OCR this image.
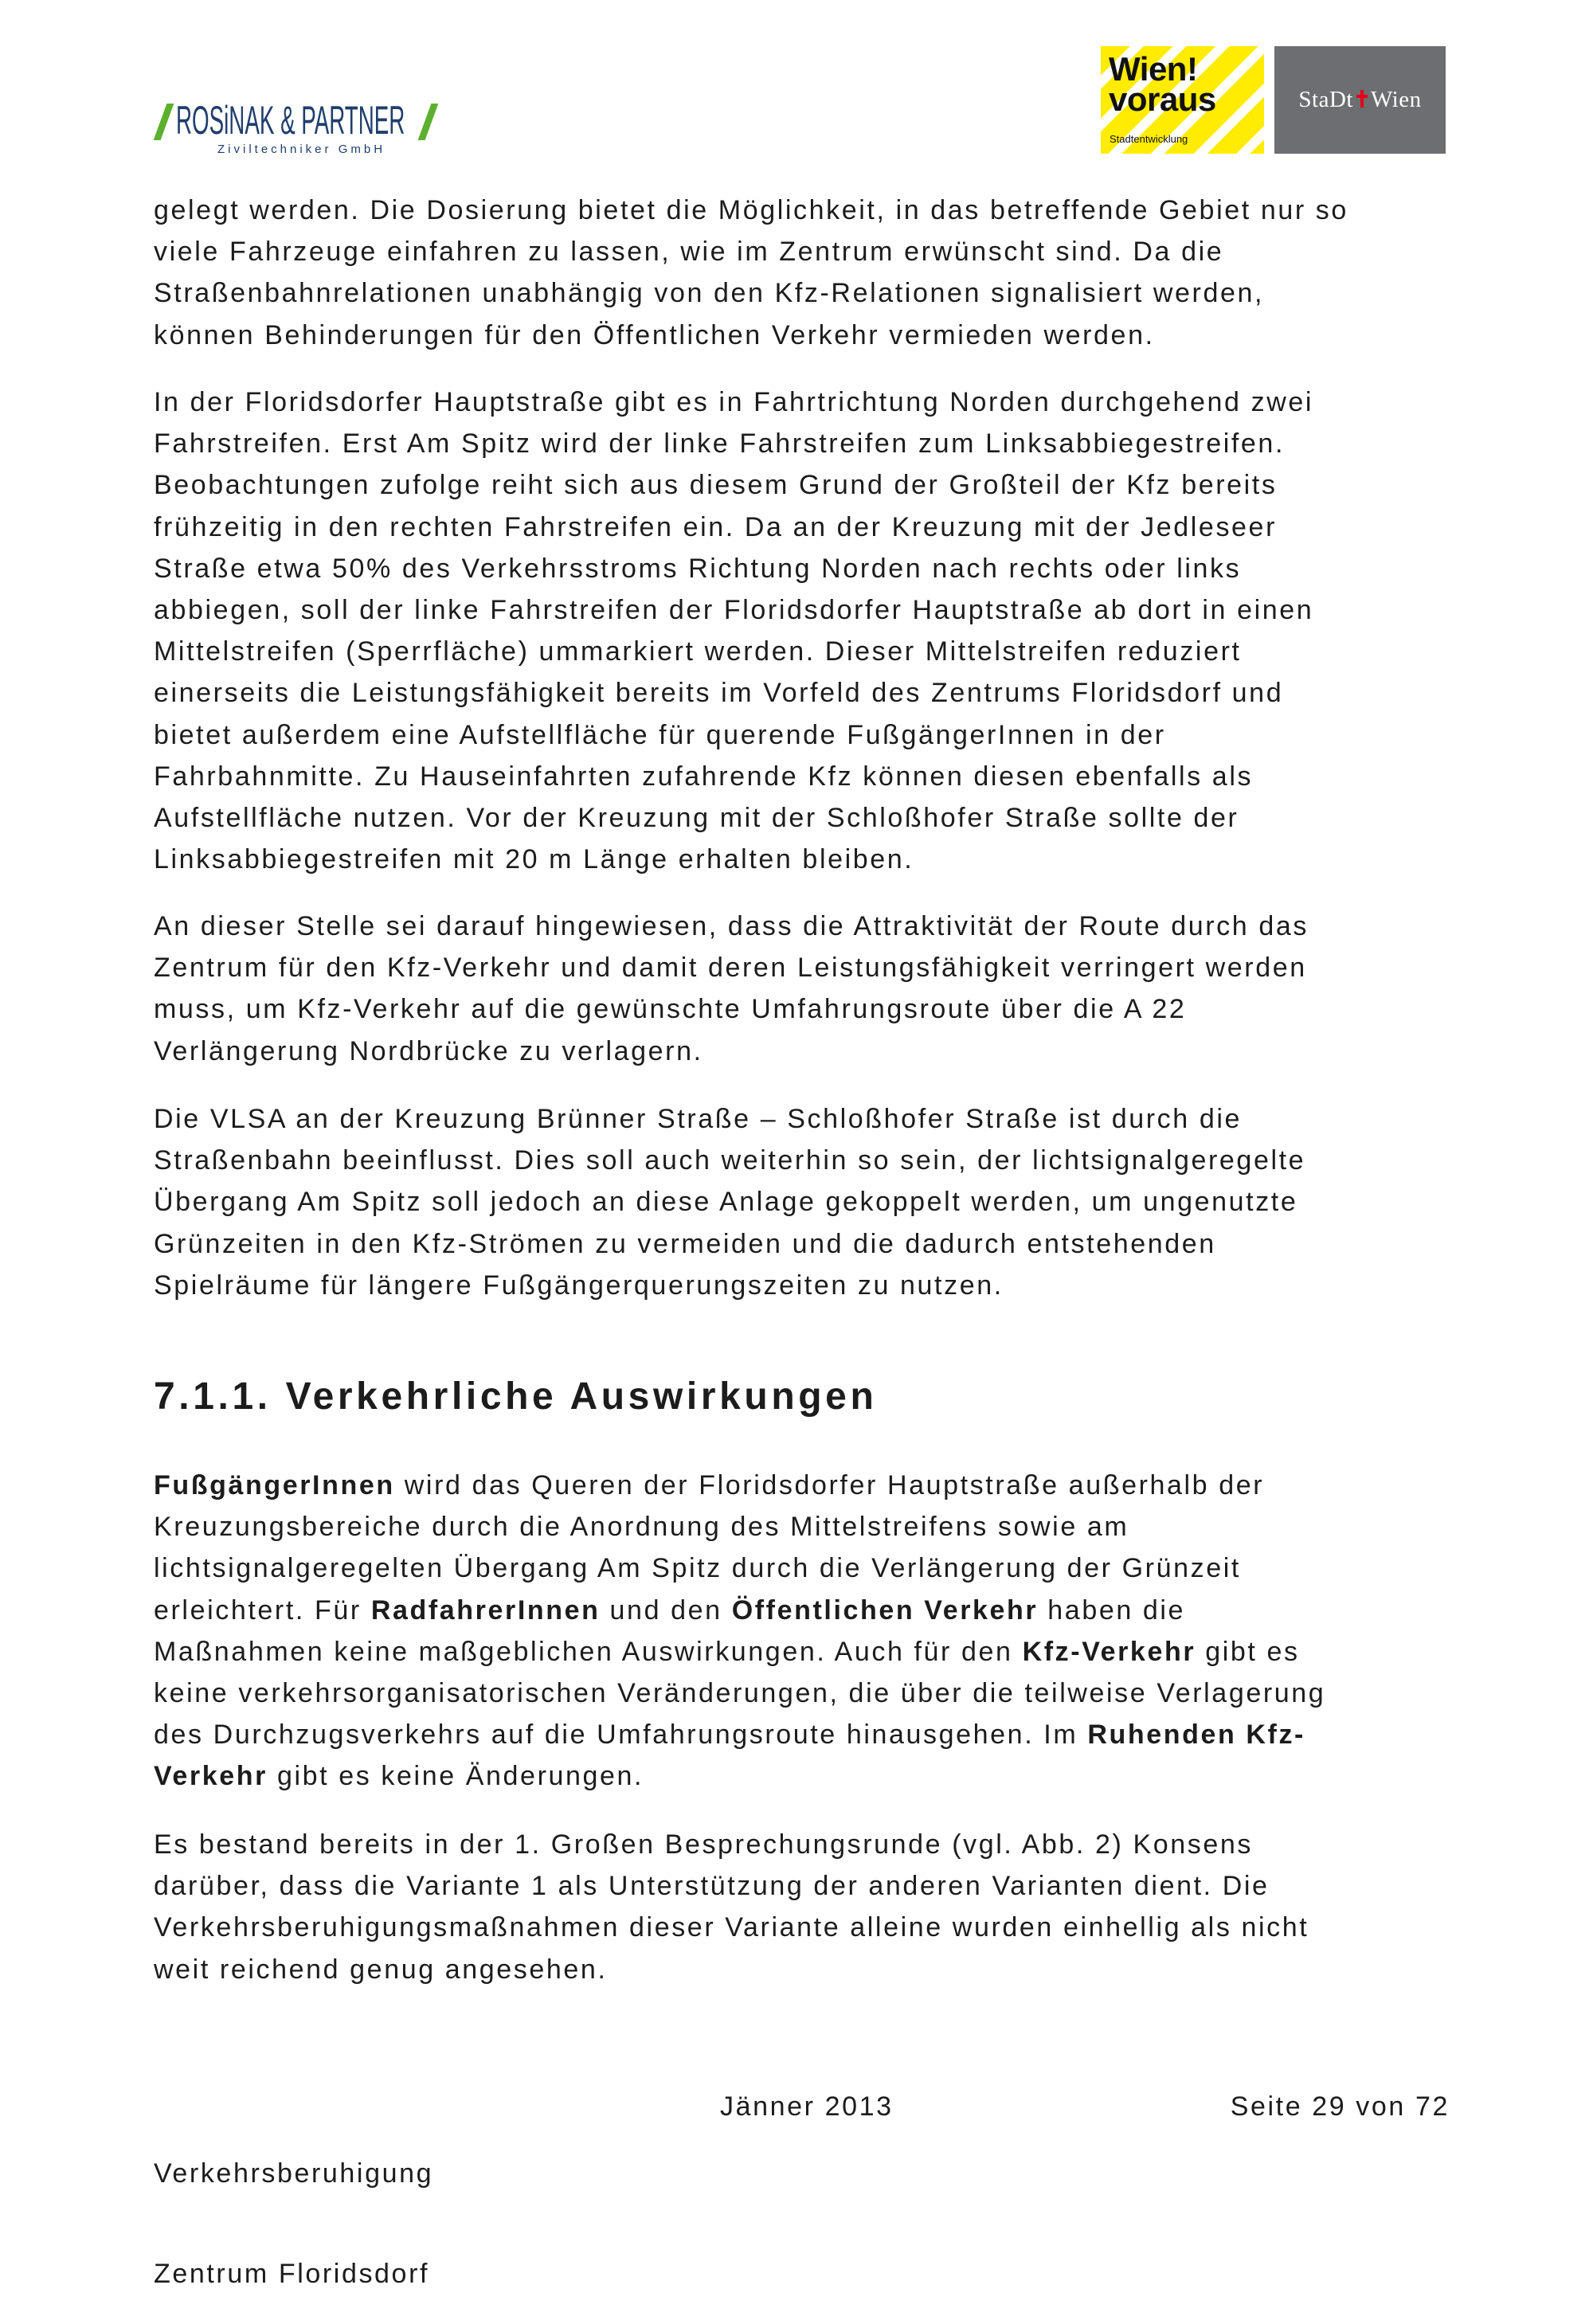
ROSiNAK & PARTNER
Ziviltechniker GmbH
Wien!
voraus
Stadtentwicklung
StaDt Wien
gelegt werden. Die Dosierung bietet die Möglichkeit, in das betreffende Gebiet nur so
viele Fahrzeuge einfahren zu lassen, wie im Zentrum erwünscht sind. Da die
Straßenbahnrelationen unabhängig von den Kfz-Relationen signalisiert werden,
können Behinderungen für den Öffentlichen Verkehr vermieden werden.
In der Floridsdorfer Hauptstraße gibt es in Fahrtrichtung Norden durchgehend zwei
Fahrstreifen. Erst Am Spitz wird der linke Fahrstreifen zum Linksabbiegestreifen.
Beobachtungen zufolge reiht sich aus diesem Grund der Großteil der Kfz bereits
frühzeitig in den rechten Fahrstreifen ein. Da an der Kreuzung mit der Jedleseer
Straße etwa 50% des Verkehrsstroms Richtung Norden nach rechts oder links
abbiegen, soll der linke Fahrstreifen der Floridsdorfer Hauptstraße ab dort in einen
Mittelstreifen (Sperrfläche) ummarkiert werden. Dieser Mittelstreifen reduziert
einerseits die Leistungsfähigkeit bereits im Vorfeld des Zentrums Floridsdorf und
bietet außerdem eine Aufstellfläche für querende FußgängerInnen in der
Fahrbahnmitte. Zu Hauseinfahrten zufahrende Kfz können diesen ebenfalls als
Aufstellfläche nutzen. Vor der Kreuzung mit der Schloßhofer Straße sollte der
Linksabbiegestreifen mit 20 m Länge erhalten bleiben.
An dieser Stelle sei darauf hingewiesen, dass die Attraktivität der Route durch das
Zentrum für den Kfz-Verkehr und damit deren Leistungsfähigkeit verringert werden
muss, um Kfz-Verkehr auf die gewünschte Umfahrungsroute über die A 22
Verlängerung Nordbrücke zu verlagern.
Die VLSA an der Kreuzung Brünner Straße – Schloßhofer Straße ist durch die
Straßenbahn beeinflusst. Dies soll auch weiterhin so sein, der lichtsignalgeregelte
Übergang Am Spitz soll jedoch an diese Anlage gekoppelt werden, um ungenutzte
Grünzeiten in den Kfz-Strömen zu vermeiden und die dadurch entstehenden
Spielräume für längere Fußgängerquerungszeiten zu nutzen.
7.1.1. Verkehrliche Auswirkungen
FußgängerInnen wird das Queren der Floridsdorfer Hauptstraße außerhalb der
Kreuzungsbereiche durch die Anordnung des Mittelstreifens sowie am
lichtsignalgeregelten Übergang Am Spitz durch die Verlängerung der Grünzeit
erleichtert. Für RadfahrerInnen und den Öffentlichen Verkehr haben die
Maßnahmen keine maßgeblichen Auswirkungen. Auch für den Kfz-Verkehr gibt es
keine verkehrsorganisatorischen Veränderungen, die über die teilweise Verlagerung
des Durchzugsverkehrs auf die Umfahrungsroute hinausgehen. Im Ruhenden Kfz-
Verkehr gibt es keine Änderungen.
Es bestand bereits in der 1. Großen Besprechungsrunde (vgl. Abb. 2) Konsens
darüber, dass die Variante 1 als Unterstützung der anderen Varianten dient. Die
Verkehrsberuhigungsmaßnahmen dieser Variante alleine wurden einhellig als nicht
weit reichend genug angesehen.

Verkehrsberuhigung

Zentrum Floridsdorf

Jänner 2013	Seite 29 von 72
